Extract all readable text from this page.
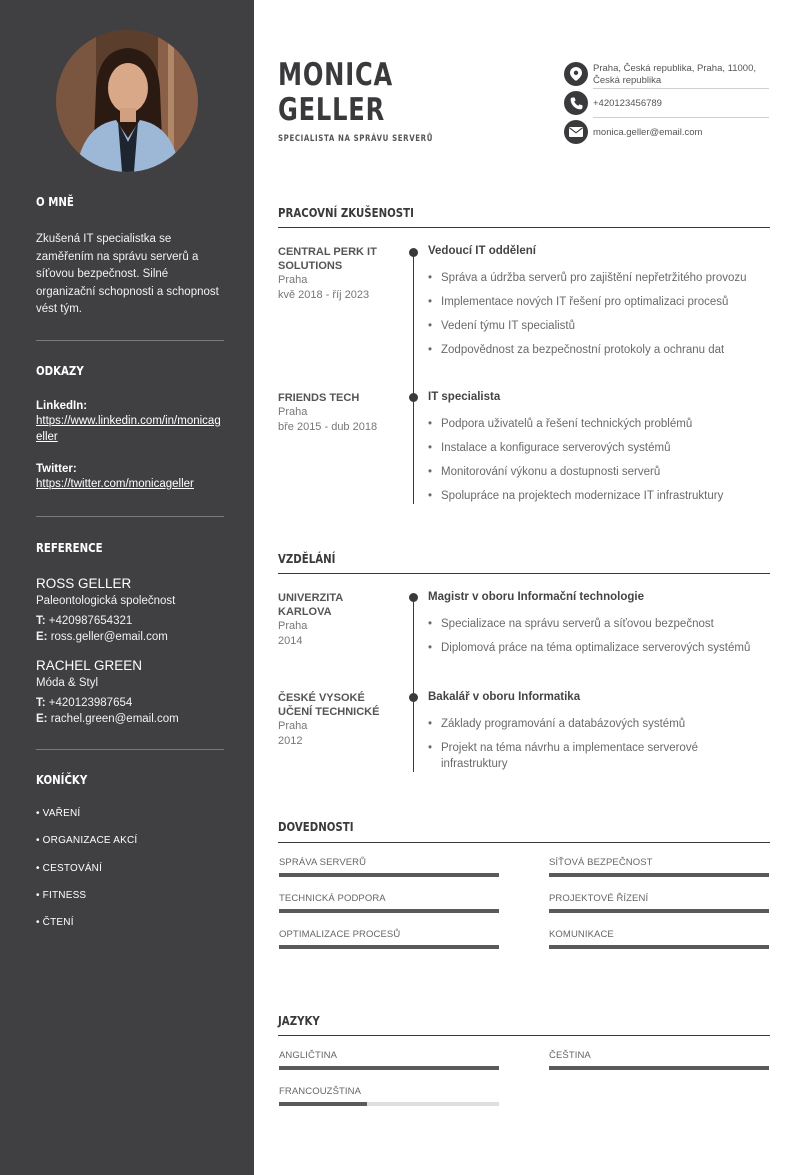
O MNĚ
Zkušená IT specialistka se zaměřením na správu serverů a síťovou bezpečnost. Silné organizační schopnosti a schopnost vést tým.
ODKAZY
LinkedIn:
https://www.linkedin.com/in/monicageller
Twitter:
https://twitter.com/monicageller
REFERENCE
ROSS GELLER
Paleontologická společnost
T: +420987654321
E: ross.geller@email.com
RACHEL GREEN
Móda & Styl
T: +420123987654
E: rachel.green@email.com
KONÍČKY
• VAŘENÍ
• ORGANIZACE AKCÍ
• CESTOVÁNÍ
• FITNESS
• ČTENÍ
MONICA
GELLER
SPECIALISTA NA SPRÁVU SERVERŮ
Praha, Česká republika, Praha, 11000, Česká republika
+420123456789
monica.geller@email.com
PRACOVNÍ ZKUŠENOSTI
CENTRAL PERK IT SOLUTIONS
Praha
kvě 2018 - říj 2023
Vedoucí IT oddělení
• Správa a údržba serverů pro zajištění nepřetržitého provozu
• Implementace nových IT řešení pro optimalizaci procesů
• Vedení týmu IT specialistů
• Zodpovědnost za bezpečnostní protokoly a ochranu dat
FRIENDS TECH
Praha
bře 2015 - dub 2018
IT specialista
• Podpora uživatelů a řešení technických problémů
• Instalace a konfigurace serverových systémů
• Monitorování výkonu a dostupnosti serverů
• Spolupráce na projektech modernizace IT infrastruktury
VZDĚLÁNÍ
UNIVERZITA KARLOVA
Praha
2014
Magistr v oboru Informační technologie
• Specializace na správu serverů a síťovou bezpečnost
• Diplomová práce na téma optimalizace serverových systémů
ČESKÉ VYSOKÉ UČENÍ TECHNICKÉ
Praha
2012
Bakalář v oboru Informatika
• Základy programování a databázových systémů
• Projekt na téma návrhu a implementace serverové infrastruktury
DOVEDNOSTI
SPRÁVA SERVERŮ	SÍŤOVÁ BEZPEČNOST
TECHNICKÁ PODPORA	PROJEKTOVÉ ŘÍZENÍ
OPTIMALIZACE PROCESŮ	KOMUNIKACE
JAZYKY
ANGLIČTINA	ČEŠTINA
FRANCOUZŠTINA
